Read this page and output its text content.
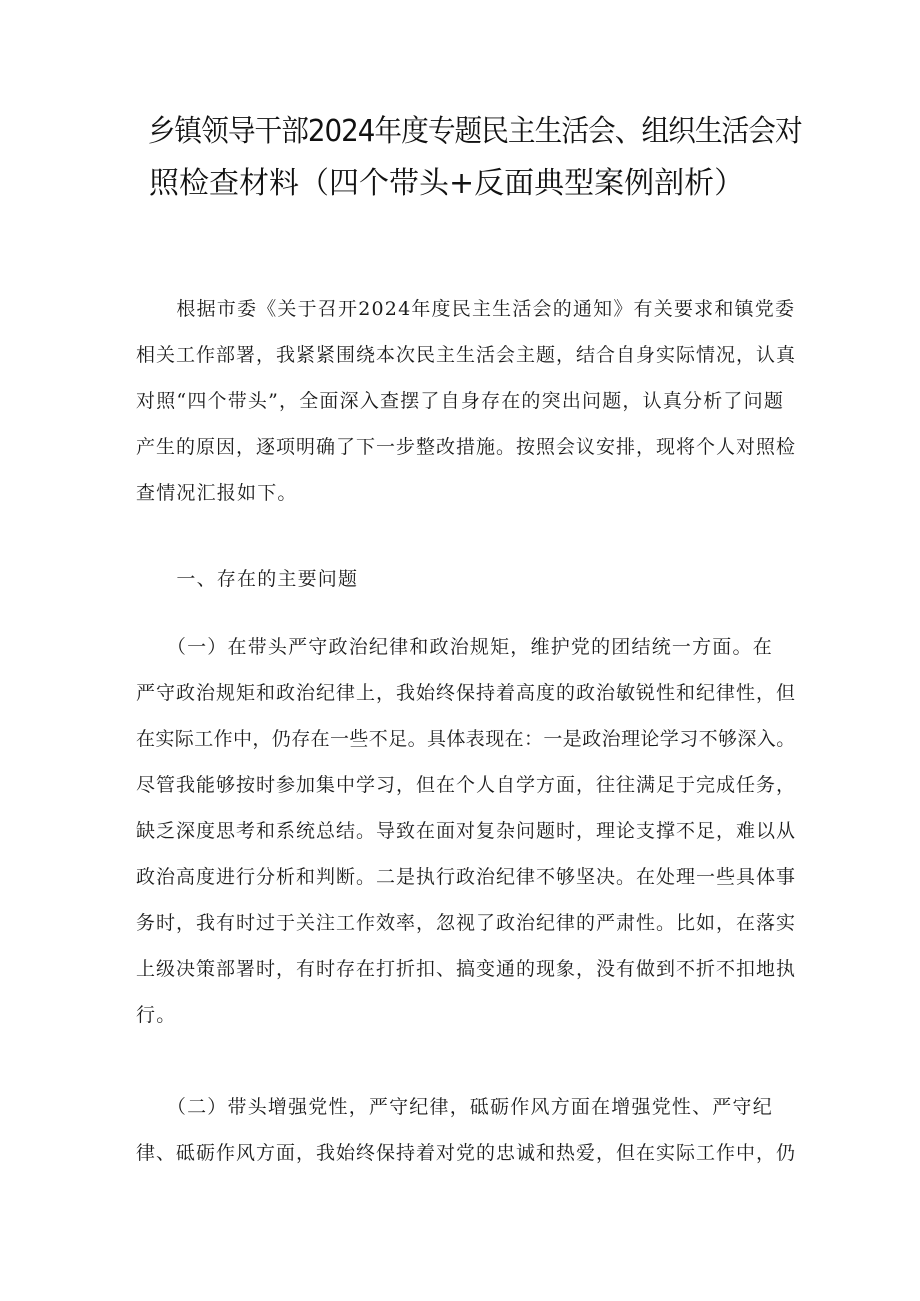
乡镇领导干部2024年度专题民主生活会、组织生活会对
照检查材料（四个带头+反面典型案例剖析）

　　根据市委《关于召开2024年度民主生活会的通知》有关要求和镇党委
相关工作部署，我紧紧围绕本次民主生活会主题，结合自身实际情况，认真
对照“四个带头”，全面深入查摆了自身存在的突出问题，认真分析了问题
产生的原因，逐项明确了下一步整改措施。按照会议安排，现将个人对照检
查情况汇报如下。

　　一、存在的主要问题

　　（一）在带头严守政治纪律和政治规矩，维护党的团结统一方面。在
严守政治规矩和政治纪律上，我始终保持着高度的政治敏锐性和纪律性，但
在实际工作中，仍存在一些不足。具体表现在：一是政治理论学习不够深入。
尽管我能够按时参加集中学习，但在个人自学方面，往往满足于完成任务，
缺乏深度思考和系统总结。导致在面对复杂问题时，理论支撑不足，难以从
政治高度进行分析和判断。二是执行政治纪律不够坚决。在处理一些具体事
务时，我有时过于关注工作效率，忽视了政治纪律的严肃性。比如，在落实
上级决策部署时，有时存在打折扣、搞变通的现象，没有做到不折不扣地执
行。

　　（二）带头增强党性，严守纪律，砥砺作风方面在增强党性、严守纪
律、砥砺作风方面，我始终保持着对党的忠诚和热爱，但在实际工作中，仍
